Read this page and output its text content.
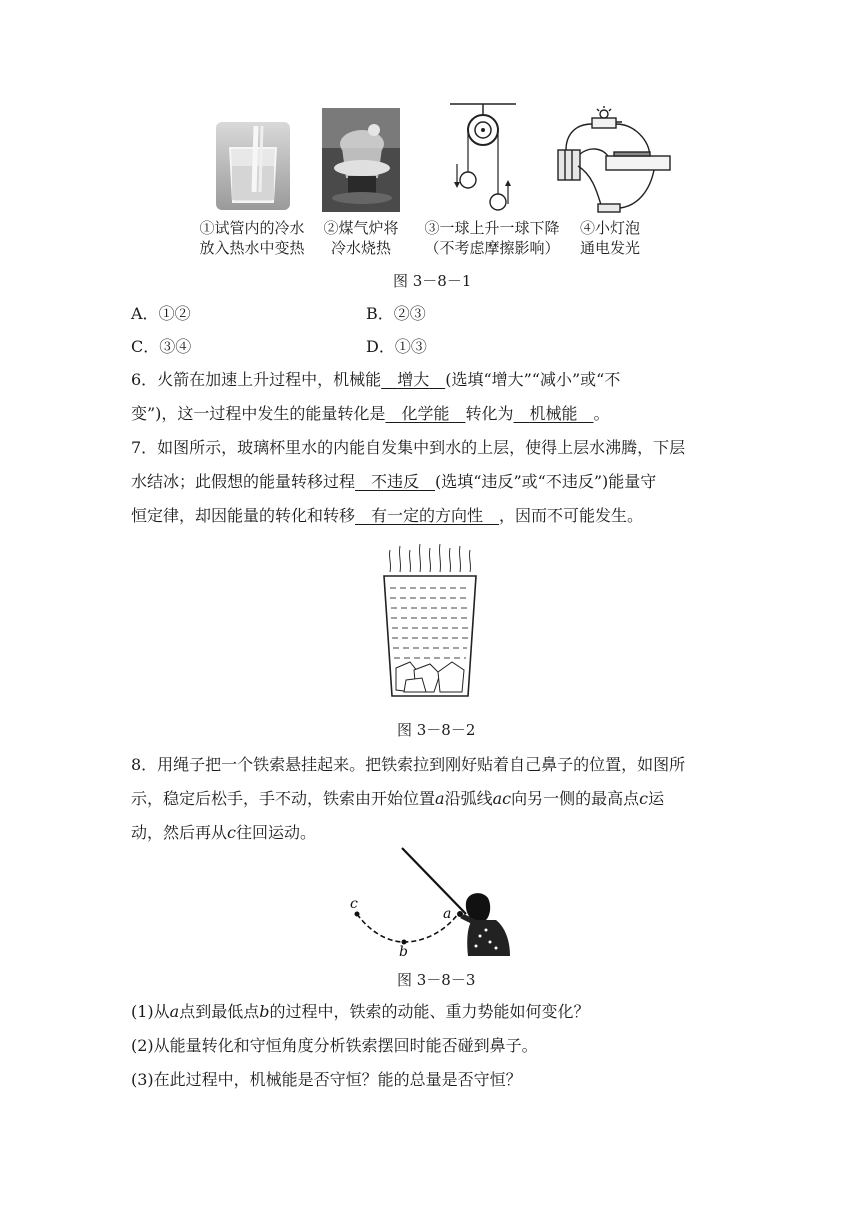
①试管内的冷水
放入热水中变热
②煤气炉将
冷水烧热
③一球上升一球下降
（不考虑摩擦影响）
④小灯泡
通电发光
图 3－8－1
A．①②	B．②③
C．③④	D．①③
6．火箭在加速上升过程中，机械能  增大  (选填“增大”“减小”或“不
变”)，这一过程中发生的能量转化是  化学能  转化为  机械能  。
7．如图所示，玻璃杯里水的内能自发集中到水的上层，使得上层水沸腾，下层
水结冰；此假想的能量转移过程  不违反  (选填“违反”或“不违反”)能量守
恒定律，却因能量的转化和转移  有一定的方向性  ，因而不可能发生。
图 3－8－2
8．用绳子把一个铁索悬挂起来。把铁索拉到刚好贴着自己鼻子的位置，如图所
示，稳定后松手，手不动，铁索由开始位置a沿弧线ac向另一侧的最高点c运
动，然后再从c往回运动。
c
b
a
图 3－8－3
(1)从a点到最低点b的过程中，铁索的动能、重力势能如何变化？
(2)从能量转化和守恒角度分析铁索摆回时能否碰到鼻子。
(3)在此过程中，机械能是否守恒？能的总量是否守恒？
